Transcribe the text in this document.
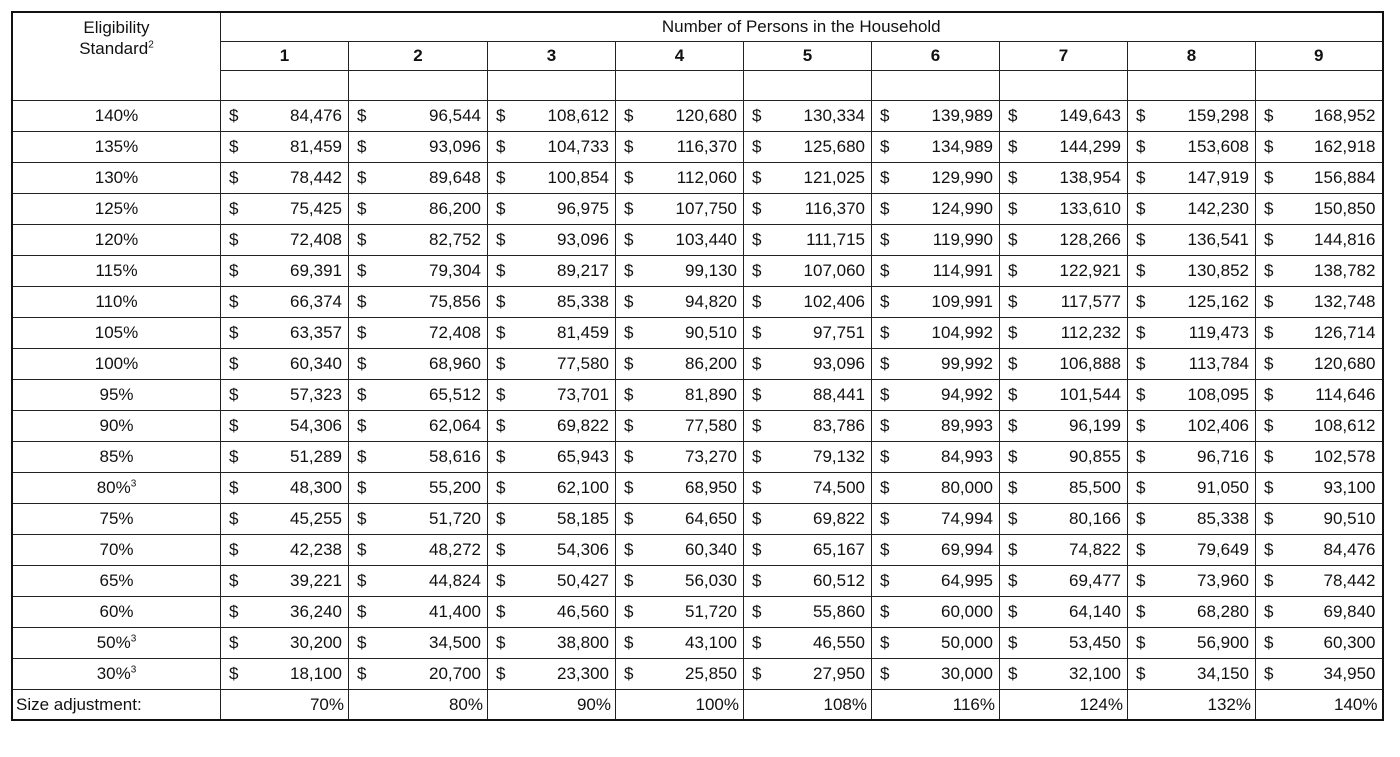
Eligibility
Standard$^2$	Number of Persons in the Household								
	1	2	3	4	5	6	7	8	9

140%	$ 84,476	$ 96,544	$ 108,612	$ 120,680	$ 130,334	$ 139,989	$ 149,643	$ 159,298	$ 168,952

135%	$ 81,459	$ 93,096	$ 104,733	$ 116,370	$ 125,680	$ 134,989	$ 144,299	$ 153,608	$ 162,918

130%	$ 78,442	$ 89,648	$ 100,854	$ 112,060	$ 121,025	$ 129,990	$ 138,954	$ 147,919	$ 156,884

125%	$ 75,425	$ 86,200	$ 96,975	$ 107,750	$ 116,370	$ 124,990	$ 133,610	$ 142,230	$ 150,850

120%	$ 72,408	$ 82,752	$ 93,096	$ 103,440	$ 111,715	$ 119,990	$ 128,266	$ 136,541	$ 144,816

115%	$ 69,391	$ 79,304	$ 89,217	$ 99,130	$ 107,060	$ 114,991	$ 122,921	$ 130,852	$ 138,782

110%	$ 66,374	$ 75,856	$ 85,338	$ 94,820	$ 102,406	$ 109,991	$ 117,577	$ 125,162	$ 132,748

105%	$ 63,357	$ 72,408	$ 81,459	$ 90,510	$ 97,751	$ 104,992	$ 112,232	$ 119,473	$ 126,714

100%	$ 60,340	$ 68,960	$ 77,580	$ 86,200	$ 93,096	$ 99,992	$ 106,888	$ 113,784	$ 120,680

95%	$ 57,323	$ 65,512	$ 73,701	$ 81,890	$ 88,441	$ 94,992	$ 101,544	$ 108,095	$ 114,646

90%	$ 54,306	$ 62,064	$ 69,822	$ 77,580	$ 83,786	$ 89,993	$ 96,199	$ 102,406	$ 108,612

85%	$ 51,289	$ 58,616	$ 65,943	$ 73,270	$ 79,132	$ 84,993	$ 90,855	$ 96,716	$ 102,578

80%$^3$	$ 48,300	$ 55,200	$ 62,100	$ 68,950	$ 74,500	$ 80,000	$ 85,500	$ 91,050	$ 93,100

75%	$ 45,255	$ 51,720	$ 58,185	$ 64,650	$ 69,822	$ 74,994	$ 80,166	$ 85,338	$ 90,510

70%	$ 42,238	$ 48,272	$ 54,306	$ 60,340	$ 65,167	$ 69,994	$ 74,822	$ 79,649	$ 84,476

65%	$ 39,221	$ 44,824	$ 50,427	$ 56,030	$ 60,512	$ 64,995	$ 69,477	$ 73,960	$ 78,442

60%	$ 36,240	$ 41,400	$ 46,560	$ 51,720	$ 55,860	$ 60,000	$ 64,140	$ 68,280	$ 69,840

50%$^3$	$ 30,200	$ 34,500	$ 38,800	$ 43,100	$ 46,550	$ 50,000	$ 53,450	$ 56,900	$ 60,300

30%$^3$	$ 18,100	$ 20,700	$ 23,300	$ 25,850	$ 27,950	$ 30,000	$ 32,100	$ 34,150	$ 34,950

Size adjustment:	70%	80%	90%	100%	108%	116%	124%	132%	140%
